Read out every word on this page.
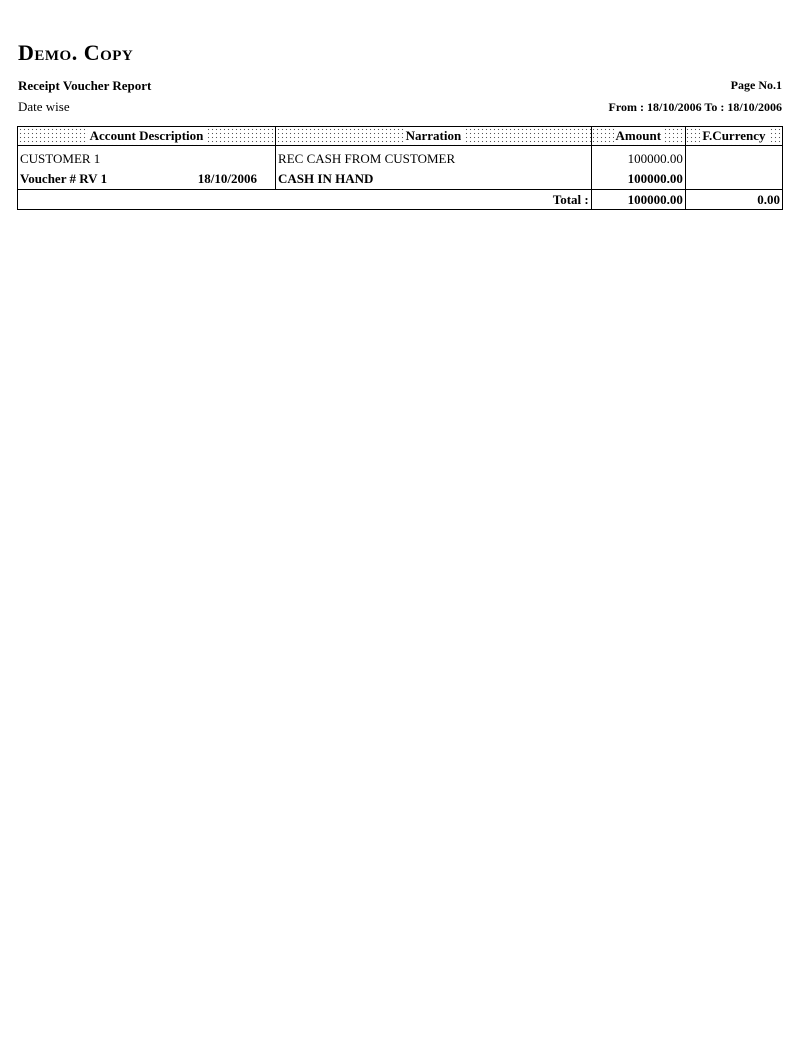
Demo. Copy
Receipt Voucher Report
Date wise
Page No.1
From : 18/10/2006 To : 18/10/2006
Account Description	Narration	Amount	F.Currency
CUSTOMER 1	REC CASH FROM CUSTOMER	100000.00	

Voucher # RV 1 18/10/2006	CASH IN HAND	100000.00	
	Total :	100000.00	0.00
